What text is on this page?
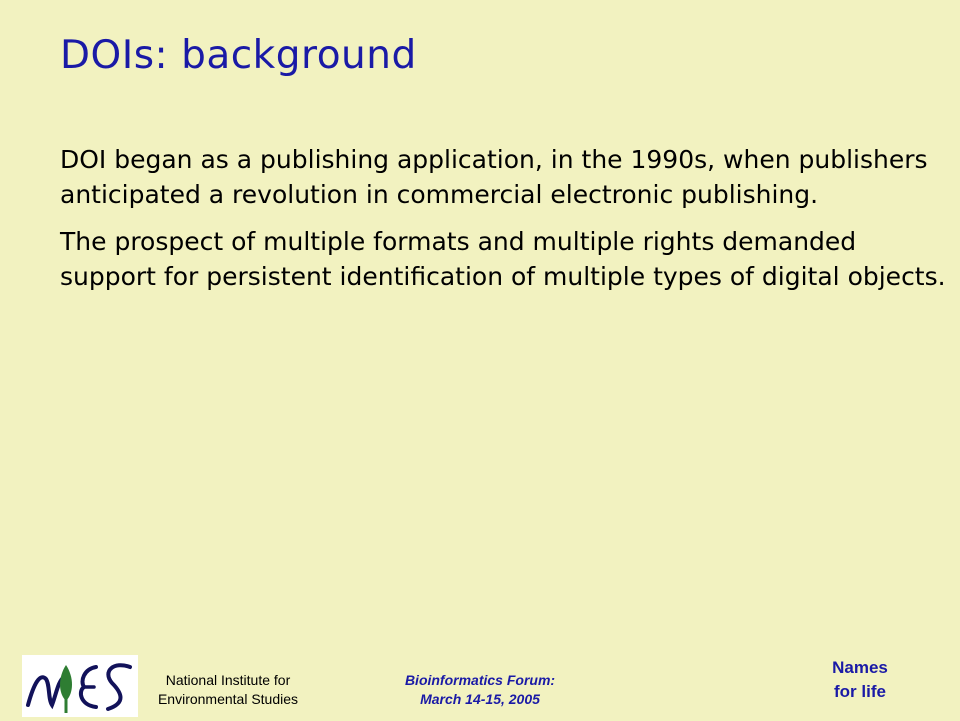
DOIs: background

DOI began as a publishing application, in the 1990s, when publishers anticipated a revolution in commercial electronic publishing.

The prospect of multiple formats and multiple rights demanded support for persistent identification of multiple types of digital objects.

National Institute for
Environmental Studies
Bioinformatics Forum:
March 14-15, 2005
Names
for life
